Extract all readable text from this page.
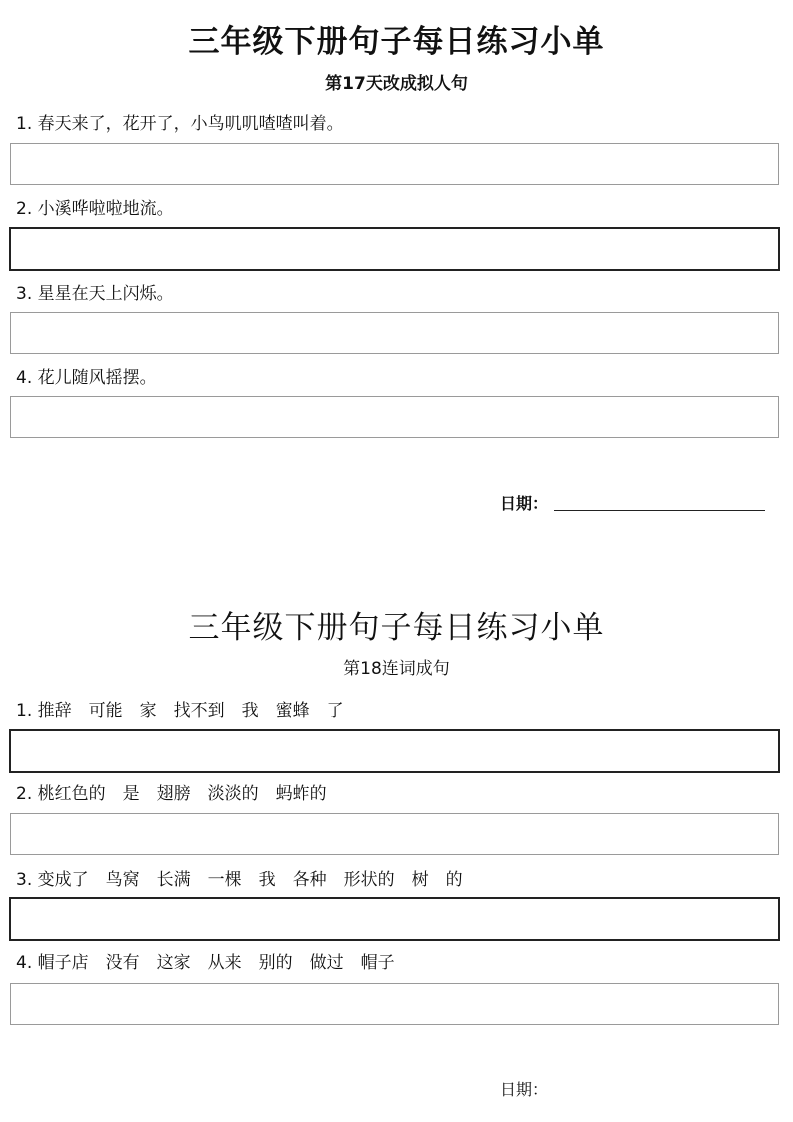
三年级下册句子每日练习小单
第17天改成拟人句
1. 春天来了，花开了，小鸟叽叽喳喳叫着。
2. 小溪哗啦啦地流。
3. 星星在天上闪烁。
4. 花儿随风摇摆。
日期：
三年级下册句子每日练习小单
第18连词成句
1. 推辞　可能　家　找不到　我　蜜蜂　了
2. 桃红色的　是　翅膀　淡淡的　蚂蚱的
3. 变成了　鸟窝　长满　一棵　我　各种　形状的　树　的
4. 帽子店　没有　这家　从来　别的　做过　帽子
日期：
